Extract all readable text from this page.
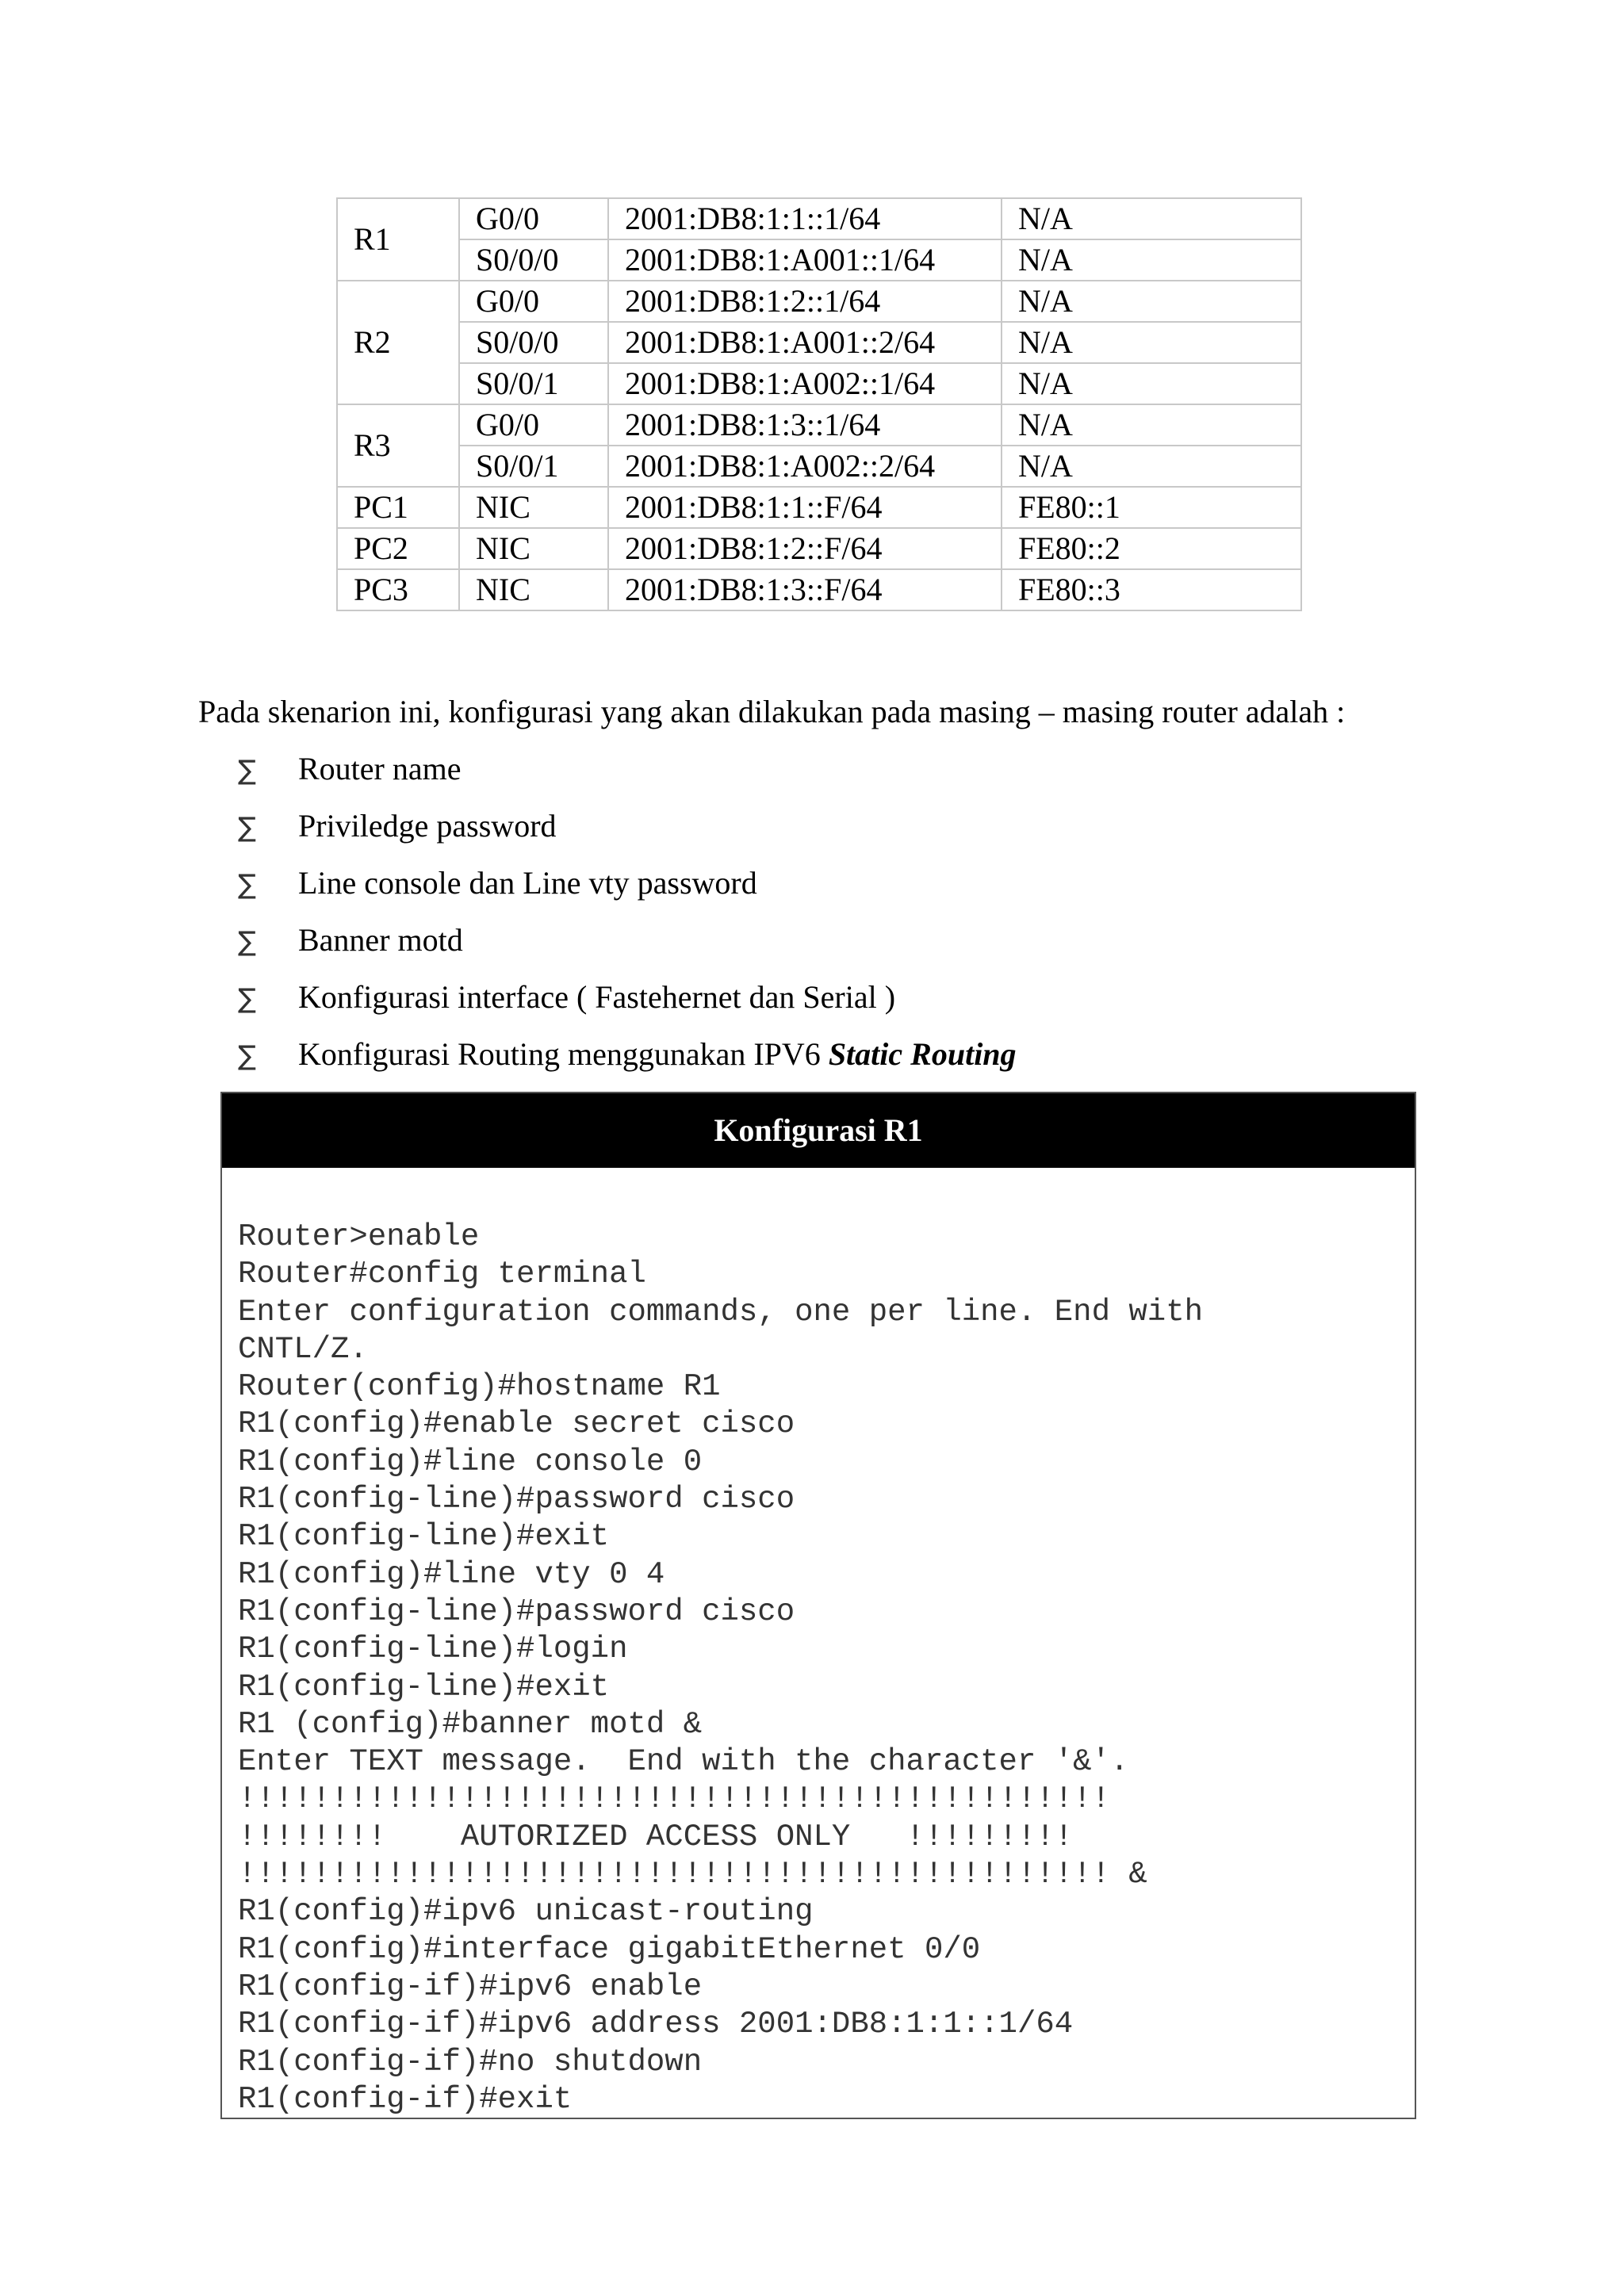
R1	G0/0	2001:DB8:1:1::1/64	N/A
	S0/0/0	2001:DB8:1:A001::1/64	N/A
R2	G0/0	2001:DB8:1:2::1/64	N/A
	S0/0/0	2001:DB8:1:A001::2/64	N/A
	S0/0/1	2001:DB8:1:A002::1/64	N/A
R3	G0/0	2001:DB8:1:3::1/64	N/A
	S0/0/1	2001:DB8:1:A002::2/64	N/A
PC1	NIC	2001:DB8:1:1::F/64	FE80::1
PC2	NIC	2001:DB8:1:2::F/64	FE80::2
PC3	NIC	2001:DB8:1:3::F/64	FE80::3
Pada skenarion ini, konfigurasi yang akan dilakukan pada masing – masing router adalah :
∑ Router name
∑ Priviledge password
∑ Line console dan Line vty password
∑ Banner motd
∑ Konfigurasi interface ( Fastehernet dan Serial )
∑ Konfigurasi Routing menggunakan IPV6 Static Routing
Konfigurasi R1
Router>enable
Router#config terminal
Enter configuration commands, one per line. End with
CNTL/Z.
Router(config)#hostname R1
R1(config)#enable secret cisco
R1(config)#line console 0
R1(config-line)#password cisco
R1(config-line)#exit
R1(config)#line vty 0 4
R1(config-line)#password cisco
R1(config-line)#login
R1(config-line)#exit
R1 (config)#banner motd &
Enter TEXT message.  End with the character '&'.
!!!!!!!!!!!!!!!!!!!!!!!!!!!!!!!!!!!!!!!!!!!!!!!
!!!!!!!!    AUTORIZED ACCESS ONLY   !!!!!!!!!
!!!!!!!!!!!!!!!!!!!!!!!!!!!!!!!!!!!!!!!!!!!!!!! &
R1(config)#ipv6 unicast-routing
R1(config)#interface gigabitEthernet 0/0
R1(config-if)#ipv6 enable
R1(config-if)#ipv6 address 2001:DB8:1:1::1/64
R1(config-if)#no shutdown
R1(config-if)#exit
